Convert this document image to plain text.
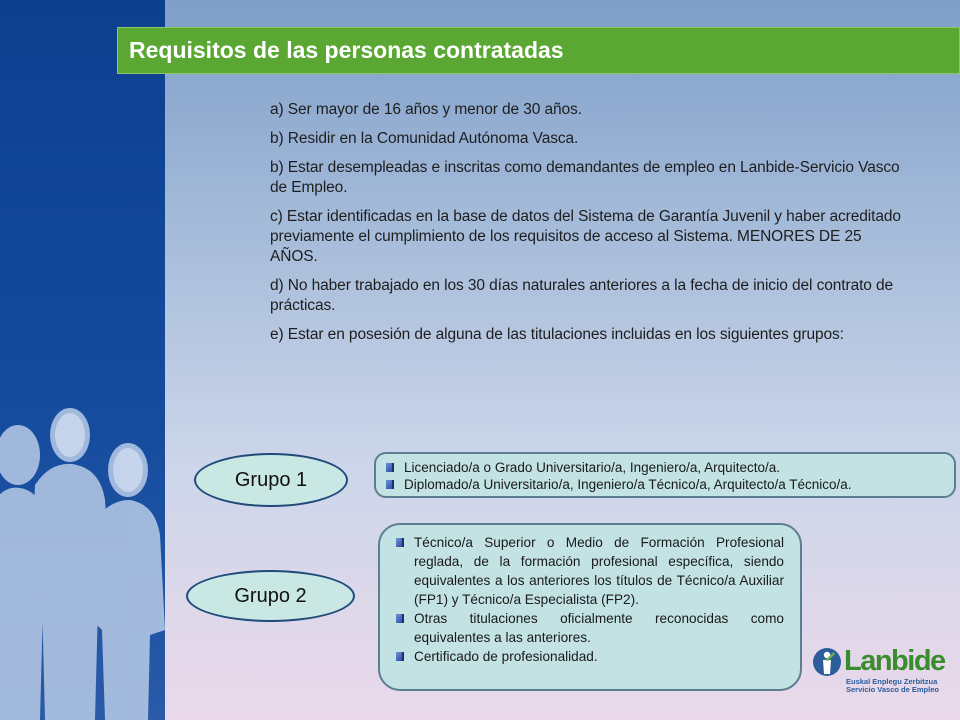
Requisitos de las personas contratadas

a) Ser mayor de 16 años y menor de 30 años.

b) Residir en la Comunidad Autónoma Vasca.

b) Estar desempleadas e inscritas como demandantes de empleo en Lanbide-Servicio Vasco de Empleo.

c) Estar identificadas en la base de datos del Sistema de Garantía Juvenil y haber acreditado previamente el cumplimiento de los requisitos de acceso al Sistema. MENORES DE 25 AÑOS.

d) No haber trabajado en los 30 días naturales anteriores a la fecha de inicio del contrato de prácticas.

e) Estar en posesión de alguna de las titulaciones incluidas en los siguientes grupos:

Grupo 1
Licenciado/a o Grado Universitario/a, Ingeniero/a, Arquitecto/a.
Diplomado/a Universitario/a, Ingeniero/a Técnico/a, Arquitecto/a Técnico/a.
Grupo 2
Técnico/a Superior o Medio de Formación Profesional reglada, de la formación profesional específica, siendo equivalentes a los anteriores los títulos de Técnico/a Auxiliar (FP1) y Técnico/a Especialista (FP2).
Otras titulaciones oficialmente reconocidas como equivalentes a las anteriores.
Certificado de profesionalidad.	Lanbide
Euskal Enplegu Zerbitzua
Servicio Vasco de Empleo
